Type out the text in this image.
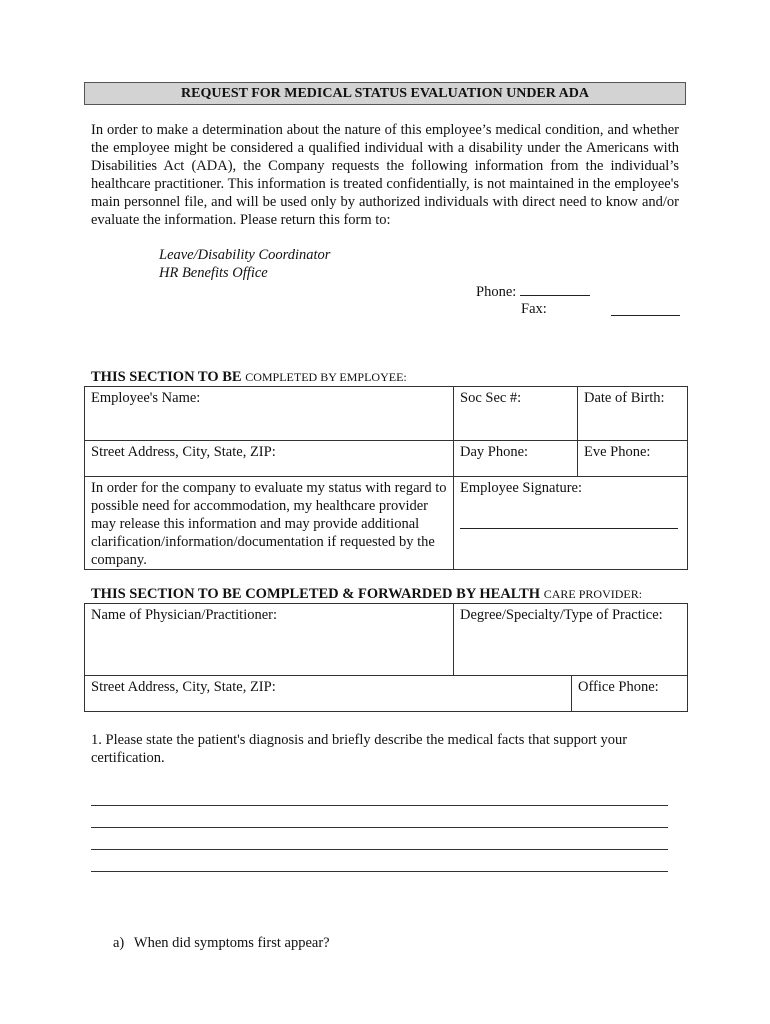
REQUEST FOR MEDICAL STATUS EVALUATION UNDER ADA
In order to make a determination about the nature of this employee’s medical condition, and whether the employee might be considered a qualified individual with a disability under the Americans with Disabilities Act (ADA), the Company requests the following information from the individual’s healthcare practitioner. This information is treated confidentially, is not maintained in the employee's main personnel file, and will be used only by authorized individuals with direct need to know and/or evaluate the information. Please return this form to:
Leave/Disability Coordinator
HR Benefits Office
Phone:
Fax:
THIS SECTION TO BE COMPLETED BY EMPLOYEE:
Employee's Name:	Soc Sec #:	Date of Birth:
Street Address, City, State, ZIP:	Day Phone:	Eve Phone:
In order for the company to evaluate my status with regard to possible need for accommodation, my healthcare provider may release this information and may provide additional clarification/information/documentation if requested by the company.	Employee Signature:	
THIS SECTION TO BE COMPLETED & FORWARDED BY HEALTH CARE PROVIDER:
Name of Physician/Practitioner:	Degree/Specialty/Type of Practice:	
Street Address, City, State, ZIP:		Office Phone:
1. Please state the patient's diagnosis and briefly describe the medical facts that support your certification.
a) When did symptoms first appear?
